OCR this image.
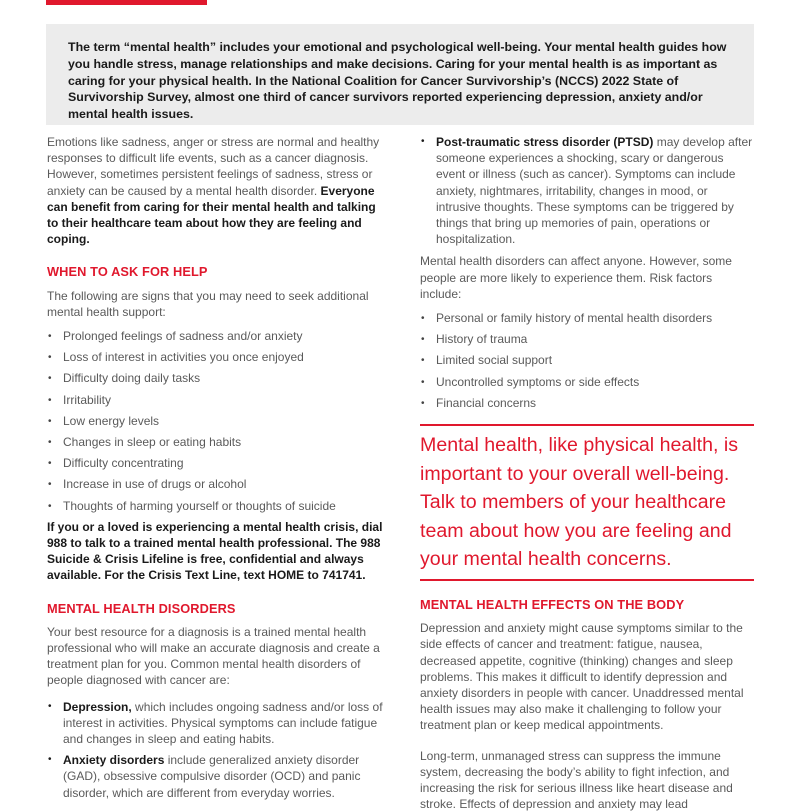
The term “mental health” includes your emotional and psychological well-being. Your mental health guides how you handle stress, manage relationships and make decisions. Caring for your mental health is as important as caring for your physical health. In the National Coalition for Cancer Survivorship’s (NCCS) 2022 State of Survivorship Survey, almost one third of cancer survivors reported experiencing depression, anxiety and/or mental health issues.

Emotions like sadness, anger or stress are normal and healthy responses to difficult life events, such as a cancer diagnosis. However, sometimes persistent feelings of sadness, stress or anxiety can be caused by a mental health disorder. Everyone can benefit from caring for their mental health and talking to their healthcare team about how they are feeling and coping.

WHEN TO ASK FOR HELP

The following are signs that you may need to seek additional mental health support:

• Prolonged feelings of sadness and/or anxiety
• Loss of interest in activities you once enjoyed
• Difficulty doing daily tasks
• Irritability
• Low energy levels
• Changes in sleep or eating habits
• Difficulty concentrating
• Increase in use of drugs or alcohol
• Thoughts of harming yourself or thoughts of suicide

If you or a loved is experiencing a mental health crisis, dial 988 to talk to a trained mental health professional. The 988 Suicide & Crisis Lifeline is free, confidential and always available. For the Crisis Text Line, text HOME to 741741.

MENTAL HEALTH DISORDERS

Your best resource for a diagnosis is a trained mental health professional who will make an accurate diagnosis and create a treatment plan for you. Common mental health disorders of people diagnosed with cancer are:

• Depression, which includes ongoing sadness and/or loss of interest in activities. Physical symptoms can include fatigue and changes in sleep and eating habits.
• Anxiety disorders include generalized anxiety disorder (GAD), obsessive compulsive disorder (OCD) and panic disorder, which are different from everyday worries.
• Post-traumatic stress disorder (PTSD) may develop after someone experiences a shocking, scary or dangerous event or illness (such as cancer). Symptoms can include anxiety, nightmares, irritability, changes in mood, or intrusive thoughts. These symptoms can be triggered by things that bring up memories of pain, operations or hospitalization.

Mental health disorders can affect anyone. However, some people are more likely to experience them. Risk factors include:

• Personal or family history of mental health disorders
• History of trauma
• Limited social support
• Uncontrolled symptoms or side effects
• Financial concerns

Mental health, like physical health, is important to your overall well-being. Talk to members of your healthcare team about how you are feeling and your mental health concerns.

MENTAL HEALTH EFFECTS ON THE BODY

Depression and anxiety might cause symptoms similar to the side effects of cancer and treatment: fatigue, nausea, decreased appetite, cognitive (thinking) changes and sleep problems. This makes it difficult to identify depression and anxiety disorders in people with cancer. Unaddressed mental health issues may also make it challenging to follow your treatment plan or keep medical appointments.

Long-term, unmanaged stress can suppress the immune system, decreasing the body’s ability to fight infection, and increasing the risk for serious illness like heart disease and stroke. Effects of depression and anxiety may lead
